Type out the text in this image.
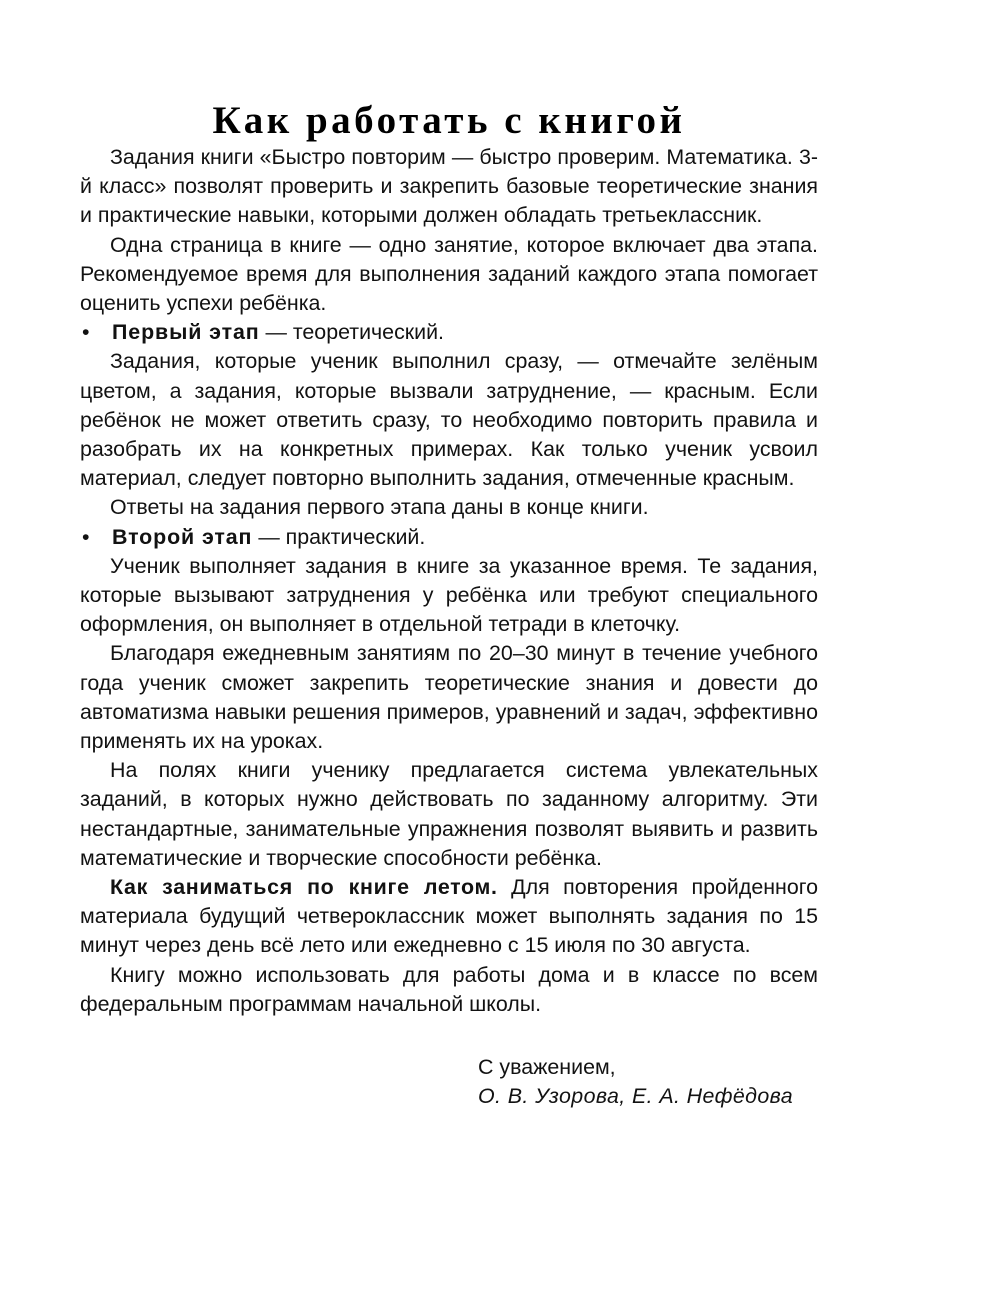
Как работать с книгой

Задания книги «Быстро повторим — быстро проверим. Математика. 3-й класс» позволят проверить и закрепить базовые теоретические знания и практические навыки, которыми должен обладать третьеклассник.

Одна страница в книге — одно занятие, которое включает два этапа. Рекомендуемое время для выполнения заданий каждого этапа помогает оценить успехи ребёнка.

• Первый этап — теоретический.

Задания, которые ученик выполнил сразу, — отмечайте зелёным цветом, а задания, которые вызвали затруднение, — красным. Если ребёнок не может ответить сразу, то необходимо повторить правила и разобрать их на конкретных примерах. Как только ученик усвоил материал, следует повторно выполнить задания, отмеченные красным.

Ответы на задания первого этапа даны в конце книги.

• Второй этап — практический.

Ученик выполняет задания в книге за указанное время. Те задания, которые вызывают затруднения у ребёнка или требуют специального оформления, он выполняет в отдельной тетради в клеточку.

Благодаря ежедневным занятиям по 20–30 минут в течение учебного года ученик сможет закрепить теоретические знания и довести до автоматизма навыки решения примеров, уравнений и задач, эффективно применять их на уроках.

На полях книги ученику предлагается система увлекательных заданий, в которых нужно действовать по заданному алгоритму. Эти нестандартные, занимательные упражнения позволят выявить и развить математические и творческие способности ребёнка.

Как заниматься по книге летом. Для повторения пройденного материала будущий четвероклассник может выполнять задания по 15 минут через день всё лето или ежедневно с 15 июля по 30 августа.

Книгу можно использовать для работы дома и в классе по всем федеральным программам начальной школы.

С уважением,

О. В. Узорова, Е. А. Нефёдова
